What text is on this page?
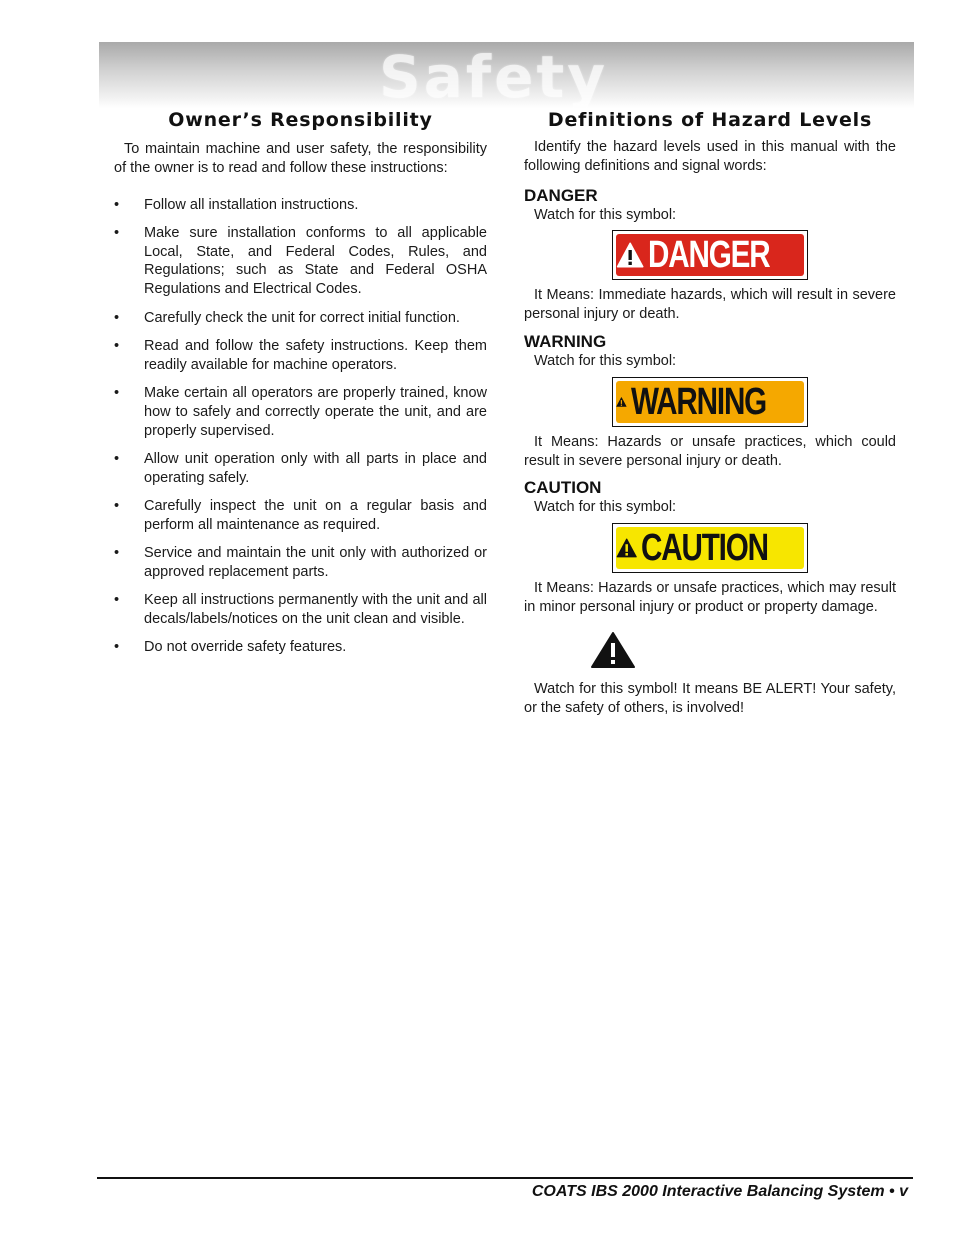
Safety
Owner’s Responsibility

To maintain machine and user safety, the responsibility of the owner is to read and follow these instructions:

• Follow all installation instructions.
• Make sure installation conforms to all applicable Local, State, and Federal Codes, Rules, and Regulations; such as State and Federal OSHA Regulations and Electrical Codes.
• Carefully check the unit for correct initial function.
• Read and follow the safety instructions. Keep them readily available for machine operators.
• Make certain all operators are properly trained, know how to safely and correctly operate the unit, and are properly supervised.
• Allow unit operation only with all parts in place and operating safely.
• Carefully inspect the unit on a regular basis and perform all maintenance as required.
• Service and maintain the unit only with authorized or approved replacement parts.
• Keep all instructions permanently with the unit and all decals/labels/notices on the unit clean and visible.
• Do not override safety features.
Definitions of Hazard Levels

Identify the hazard levels used in this manual with the following definitions and signal words:

DANGER

Watch for this symbol:

DANGER

It Means: Immediate hazards, which will result in severe personal injury or death.

WARNING

Watch for this symbol:

WARNING

It Means: Hazards or unsafe practices, which could result in severe personal injury or death.

CAUTION

Watch for this symbol:

CAUTION

It Means: Hazards or unsafe practices, which may result in minor personal injury or product or property damage.

Watch for this symbol! It means BE ALERT! Your safety, or the safety of others, is involved!

COATS IBS 2000 Interactive Balancing System • v
